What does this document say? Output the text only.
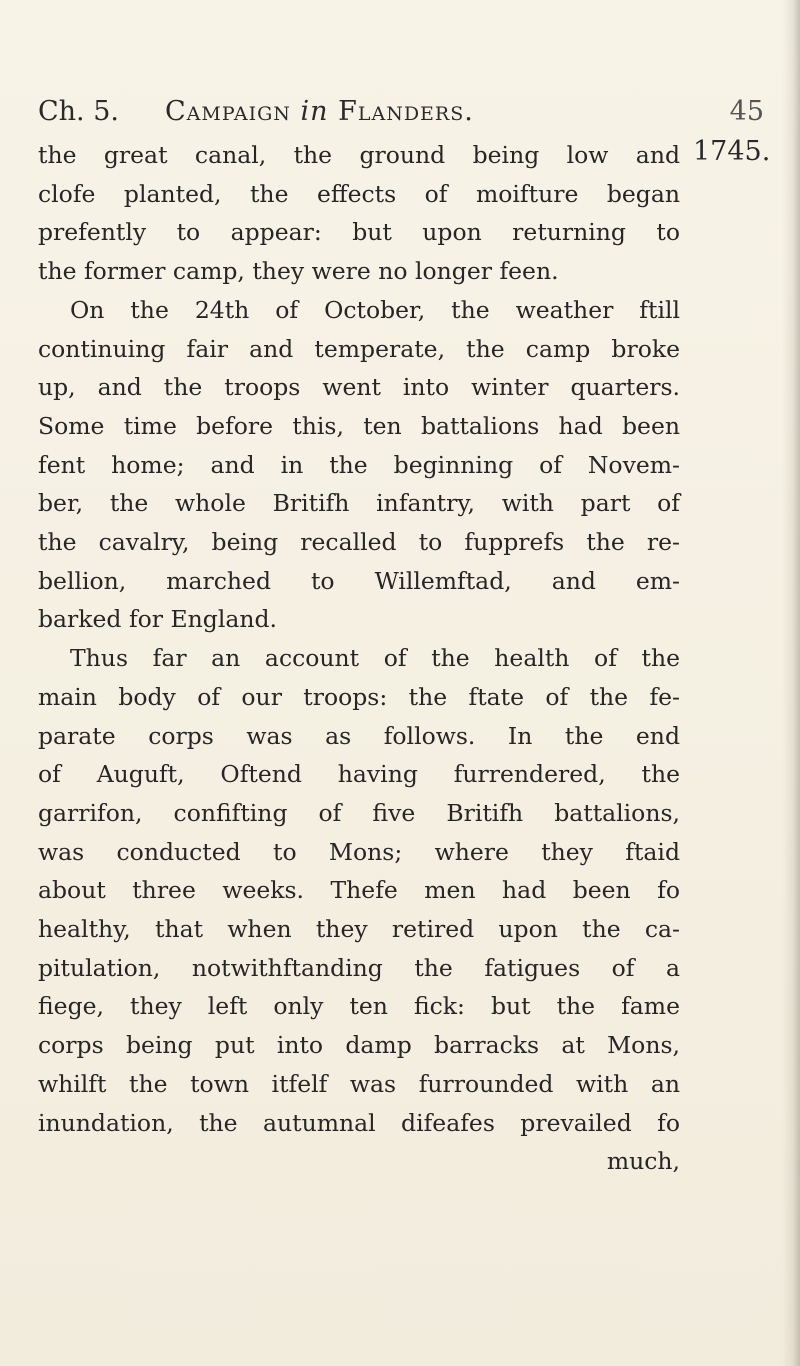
Ch. 5. Campaign in Flanders.	45
1745.
the great canal, the ground being low and
clofe planted, the effects of moifture began
prefently to appear: but upon returning to
the former camp, they were no longer feen.
On the 24th of October, the weather ftill
continuing fair and temperate, the camp broke
up, and the troops went into winter quarters.
Some time before this, ten battalions had been
fent home; and in the beginning of Novem-
ber, the whole Britifh infantry, with part of
the cavalry, being recalled to fupprefs the re-
bellion, marched to Willemftad, and em-
barked for England.
Thus far an account of the health of the
main body of our troops: the ftate of the fe-
parate corps was as follows. In the end
of Auguft, Oftend having furrendered, the
garrifon, confifting of five Britifh battalions,
was conducted to Mons; where they ftaid
about three weeks. Thefe men had been fo
healthy, that when they retired upon the ca-
pitulation, notwithftanding the fatigues of a
fiege, they left only ten fick: but the fame
corps being put into damp barracks at Mons,
whilft the town itfelf was furrounded with an
inundation, the autumnal difeafes prevailed fo
much,
